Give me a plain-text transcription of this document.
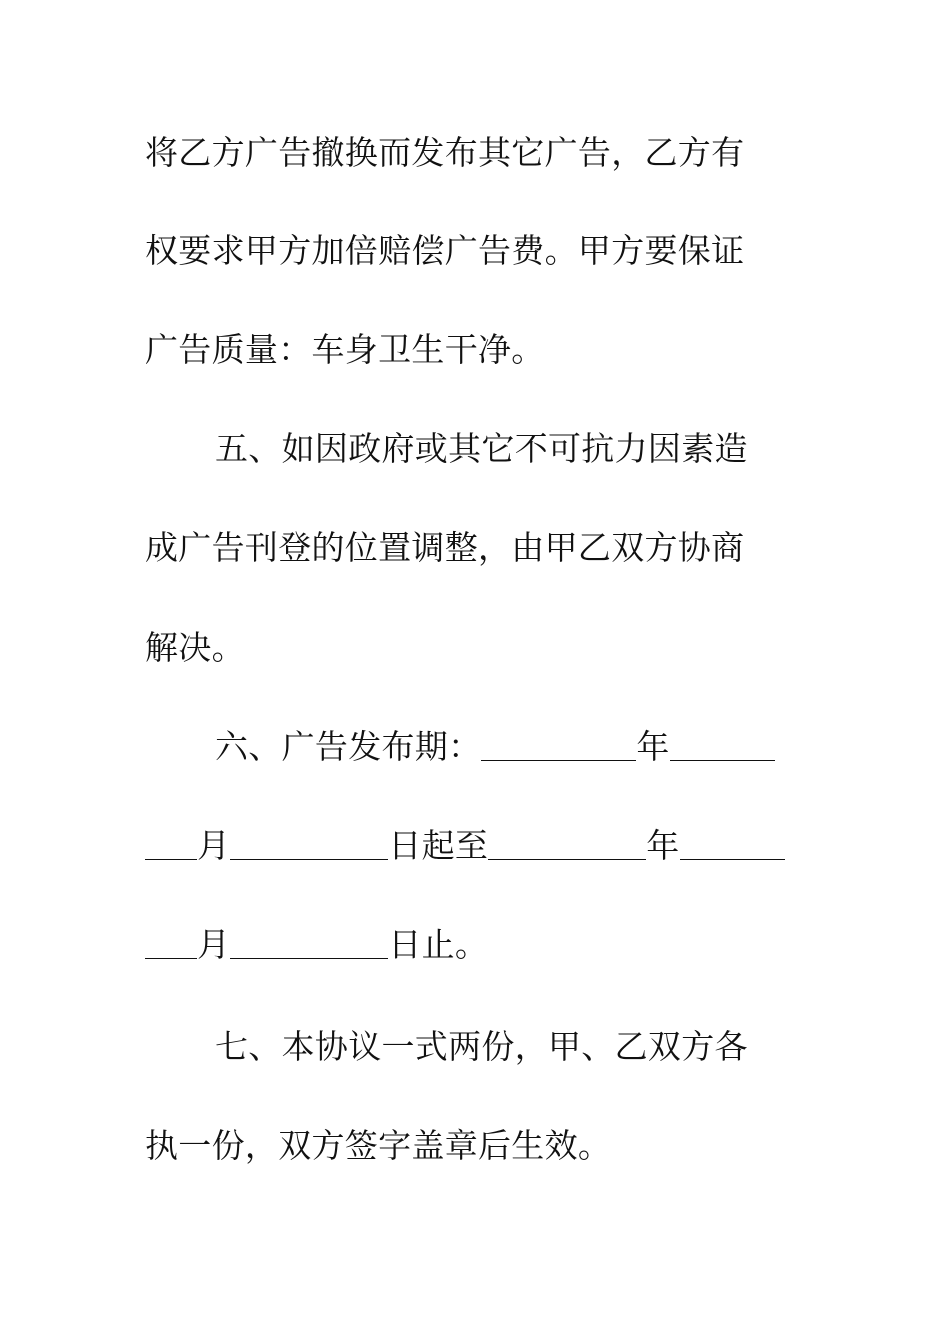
将乙方广告撤换而发布其它广告，乙方有
权要求甲方加倍赔偿广告费。甲方要保证
广告质量：车身卫生干净。
五、如因政府或其它不可抗力因素造
成广告刊登的位置调整，由甲乙双方协商
解决。
六、广告发布期：	年
月	日起至	年
月	日止。
七、本协议一式两份，甲、乙双方各
执一份，双方签字盖章后生效。
